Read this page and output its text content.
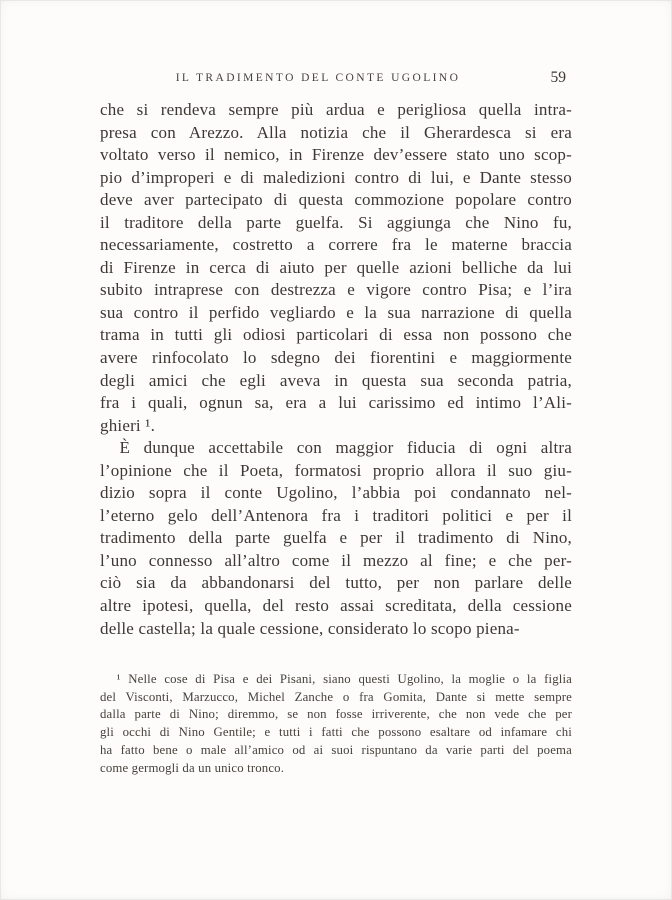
IL TRADIMENTO DEL CONTE UGOLINO	59
che si rendeva sempre più ardua e perigliosa quella intra-
presa con Arezzo. Alla notizia che il Gherardesca si era
voltato verso il nemico, in Firenze dev’essere stato uno scop-
pio d’improperi e di maledizioni contro di lui, e Dante stesso
deve aver partecipato di questa commozione popolare contro
il traditore della parte guelfa. Si aggiunga che Nino fu,
necessariamente, costretto a correre fra le materne braccia
di Firenze in cerca di aiuto per quelle azioni belliche da lui
subito intraprese con destrezza e vigore contro Pisa; e l’ira
sua contro il perfido vegliardo e la sua narrazione di quella
trama in tutti gli odiosi particolari di essa non possono che
avere rinfocolato lo sdegno dei fiorentini e maggiormente
degli amici che egli aveva in questa sua seconda patria,
fra i quali, ognun sa, era a lui carissimo ed intimo l’Ali-
ghieri ¹.
È dunque accettabile con maggior fiducia di ogni altra
l’opinione che il Poeta, formatosi proprio allora il suo giu-
dizio sopra il conte Ugolino, l’abbia poi condannato nel-
l’eterno gelo dell’Antenora fra i traditori politici e per il
tradimento della parte guelfa e per il tradimento di Nino,
l’uno connesso all’altro come il mezzo al fine; e che per-
ciò sia da abbandonarsi del tutto, per non parlare delle
altre ipotesi, quella, del resto assai screditata, della cessione
delle castella; la quale cessione, considerato lo scopo piena-
¹ Nelle cose di Pisa e dei Pisani, siano questi Ugolino, la moglie o la figlia
del Visconti, Marzucco, Michel Zanche o fra Gomita, Dante si mette sempre
dalla parte di Nino; diremmo, se non fosse irriverente, che non vede che per
gli occhi di Nino Gentile; e tutti i fatti che possono esaltare od infamare chi
ha fatto bene o male all’amico od ai suoi rispuntano da varie parti del poema
come germogli da un unico tronco.
